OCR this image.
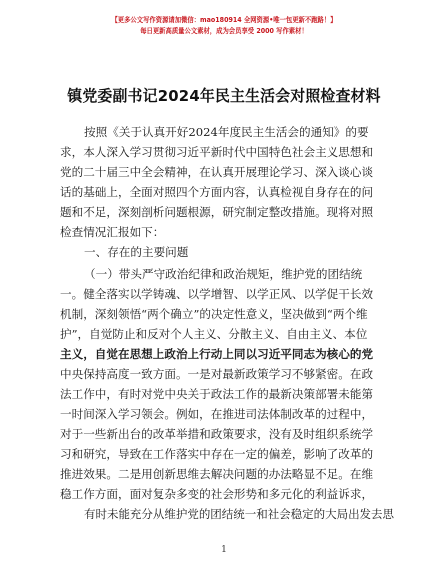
【更多公文写作资源请加微信：mao180914 全网资源•唯一包更新不跑路！】
每日更新高质量公文素材，成为会员享受 2000 写作素材！
镇党委副书记2024年民主生活会对照检查材料
按照《关于认真开好2024年度民主生活会的通知》的要
求，本人深入学习贯彻习近平新时代中国特色社会主义思想和
党的二十届三中全会精神，在认真开展理论学习、深入谈心谈
话的基础上，全面对照四个方面内容，认真检视自身存在的问
题和不足，深刻剖析问题根源，研究制定整改措施。现将对照
检查情况汇报如下：
一、存在的主要问题
（一）带头严守政治纪律和政治规矩，维护党的团结统
一。健全落实以学铸魂、以学增智、以学正风、以学促干长效
机制，深刻领悟“两个确立”的决定性意义，坚决做到“两个维
护”，自觉防止和反对个人主义、分散主义、自由主义、本位
主义，自觉在思想上政治上行动上同以习近平同志为核心的党
中央保持高度一致方面。一是对最新政策学习不够紧密。在政
法工作中，有时对党中央关于政法工作的最新决策部署未能第
一时间深入学习领会。例如，在推进司法体制改革的过程中，
对于一些新出台的改革举措和政策要求，没有及时组织系统学
习和研究，导致在工作落实中存在一定的偏差，影响了改革的
推进效果。二是用创新思维去解决问题的办法略显不足。在维
稳工作方面，面对复杂多变的社会形势和多元化的利益诉求，
有时未能充分从维护党的团结统一和社会稳定的大局出发去思
1
